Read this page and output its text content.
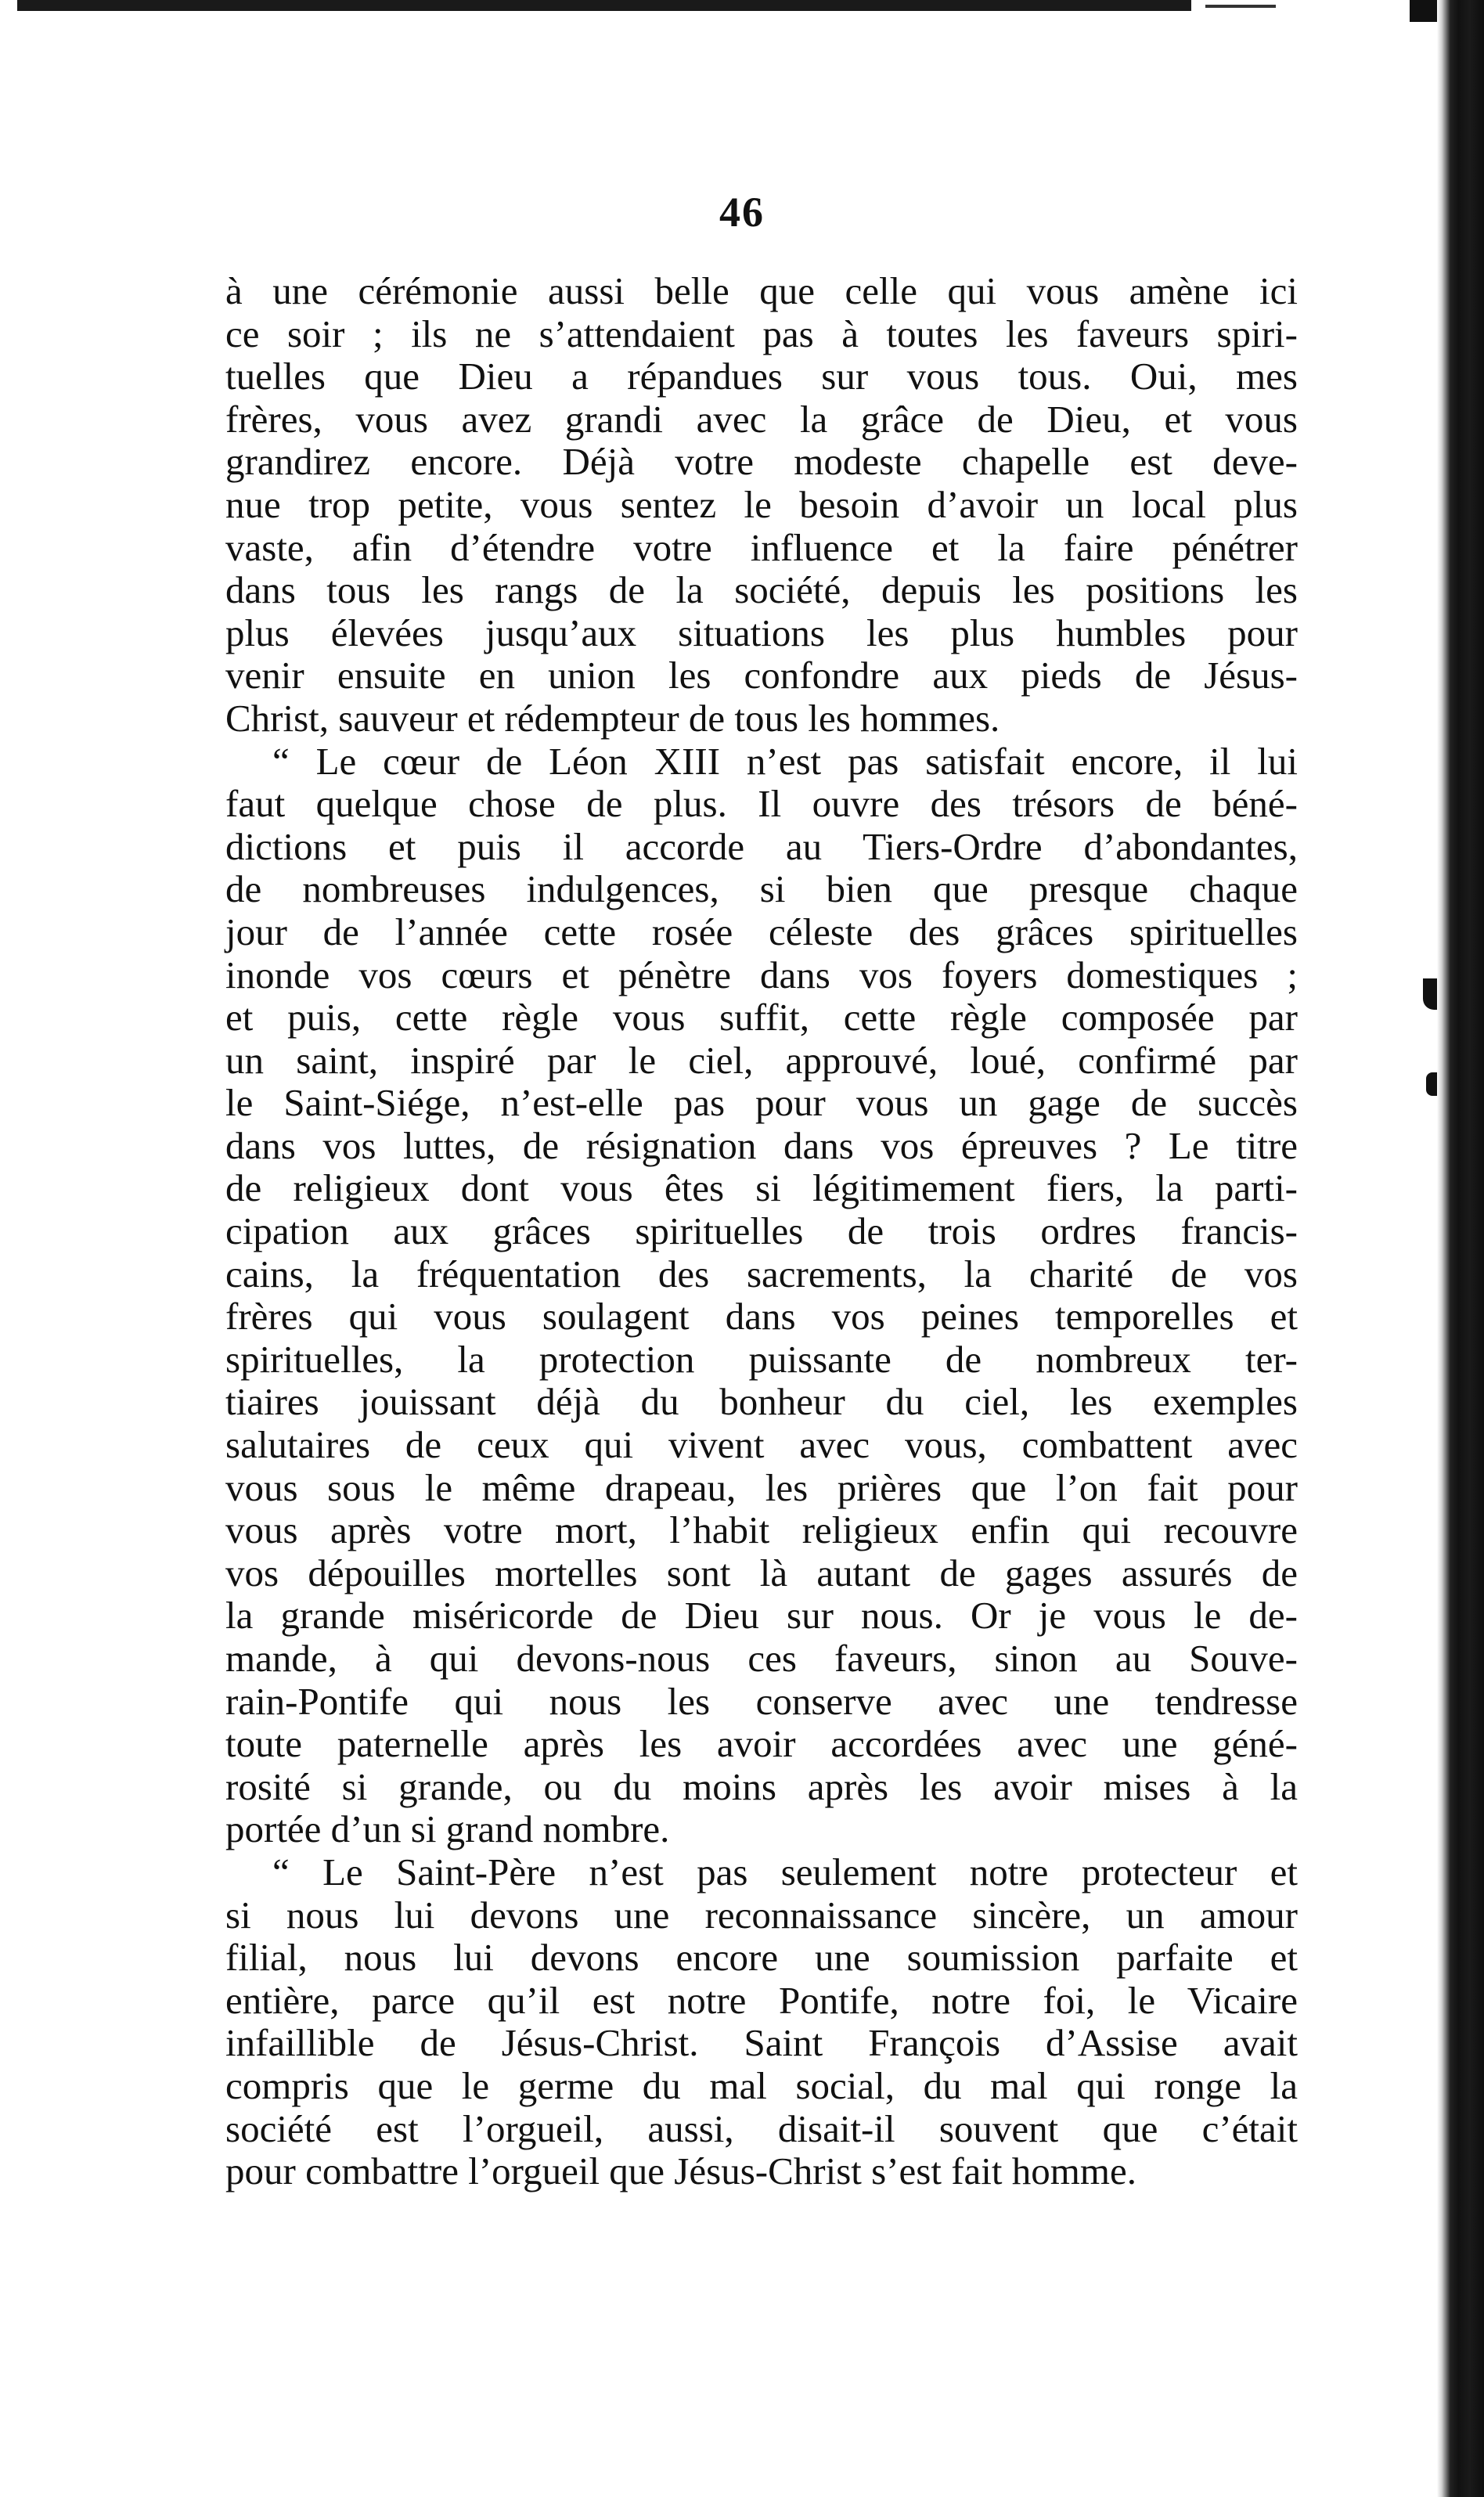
46
à une cérémonie aussi belle que celle qui vous amène ici
ce soir ; ils ne s’attendaient pas à toutes les faveurs spiri-
tuelles que Dieu a répandues sur vous tous. Oui, mes
frères, vous avez grandi avec la grâce de Dieu, et vous
grandirez encore. Déjà votre modeste chapelle est deve-
nue trop petite, vous sentez le besoin d’avoir un local plus
vaste, afin d’étendre votre influence et la faire pénétrer
dans tous les rangs de la société, depuis les positions les
plus élevées jusqu’aux situations les plus humbles pour
venir ensuite en union les confondre aux pieds de Jésus-
Christ, sauveur et rédempteur de tous les hommes.
“ Le cœur de Léon XIII n’est pas satisfait encore, il lui
faut quelque chose de plus. Il ouvre des trésors de béné-
dictions et puis il accorde au Tiers-Ordre d’abondantes,
de nombreuses indulgences, si bien que presque chaque
jour de l’année cette rosée céleste des grâces spirituelles
inonde vos cœurs et pénètre dans vos foyers domestiques ;
et puis, cette règle vous suffit, cette règle composée par
un saint, inspiré par le ciel, approuvé, loué, confirmé par
le Saint-Siége, n’est-elle pas pour vous un gage de succès
dans vos luttes, de résignation dans vos épreuves ? Le titre
de religieux dont vous êtes si légitimement fiers, la parti-
cipation aux grâces spirituelles de trois ordres francis-
cains, la fréquentation des sacrements, la charité de vos
frères qui vous soulagent dans vos peines temporelles et
spirituelles, la protection puissante de nombreux ter-
tiaires jouissant déjà du bonheur du ciel, les exemples
salutaires de ceux qui vivent avec vous, combattent avec
vous sous le même drapeau, les prières que l’on fait pour
vous après votre mort, l’habit religieux enfin qui recouvre
vos dépouilles mortelles sont là autant de gages assurés de
la grande miséricorde de Dieu sur nous. Or je vous le de-
mande, à qui devons-nous ces faveurs, sinon au Souve-
rain-Pontife qui nous les conserve avec une tendresse
toute paternelle après les avoir accordées avec une géné-
rosité si grande, ou du moins après les avoir mises à la
portée d’un si grand nombre.
“ Le Saint-Père n’est pas seulement notre protecteur et
si nous lui devons une reconnaissance sincère, un amour
filial, nous lui devons encore une soumission parfaite et
entière, parce qu’il est notre Pontife, notre foi, le Vicaire
infaillible de Jésus-Christ. Saint François d’Assise avait
compris que le germe du mal social, du mal qui ronge la
société est l’orgueil, aussi, disait-il souvent que c’était
pour combattre l’orgueil que Jésus-Christ s’est fait homme.
